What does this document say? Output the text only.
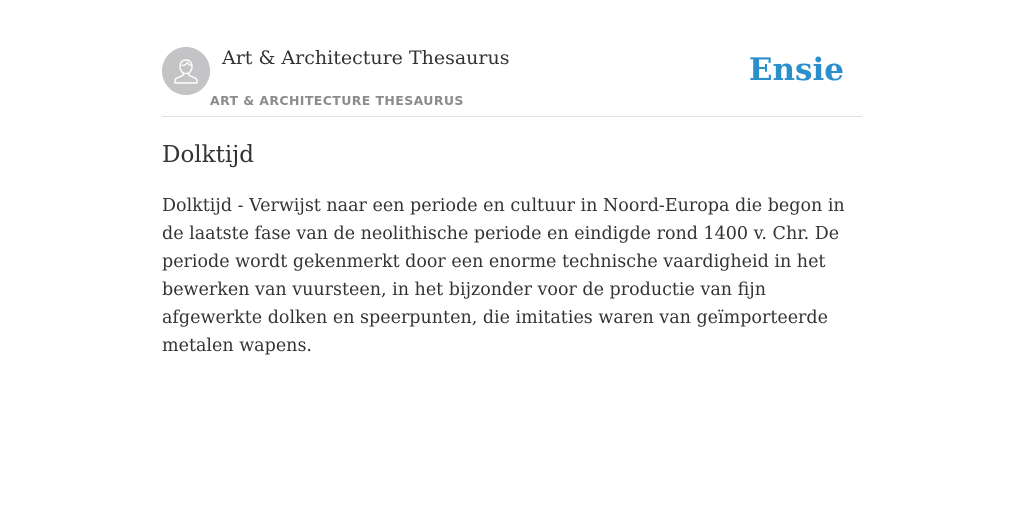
Art & Architecture Thesaurus
ART & ARCHITECTURE THESAURUS
Ensie
Dolktijd

Dolktijd - Verwijst naar een periode en cultuur in Noord-Europa die begon in de laatste fase van de neolithische periode en eindigde rond 1400 v. Chr. De periode wordt gekenmerkt door een enorme technische vaardigheid in het bewerken van vuursteen, in het bijzonder voor de productie van fijn afgewerkte dolken en speerpunten, die imitaties waren van geïmporteerde metalen wapens.
